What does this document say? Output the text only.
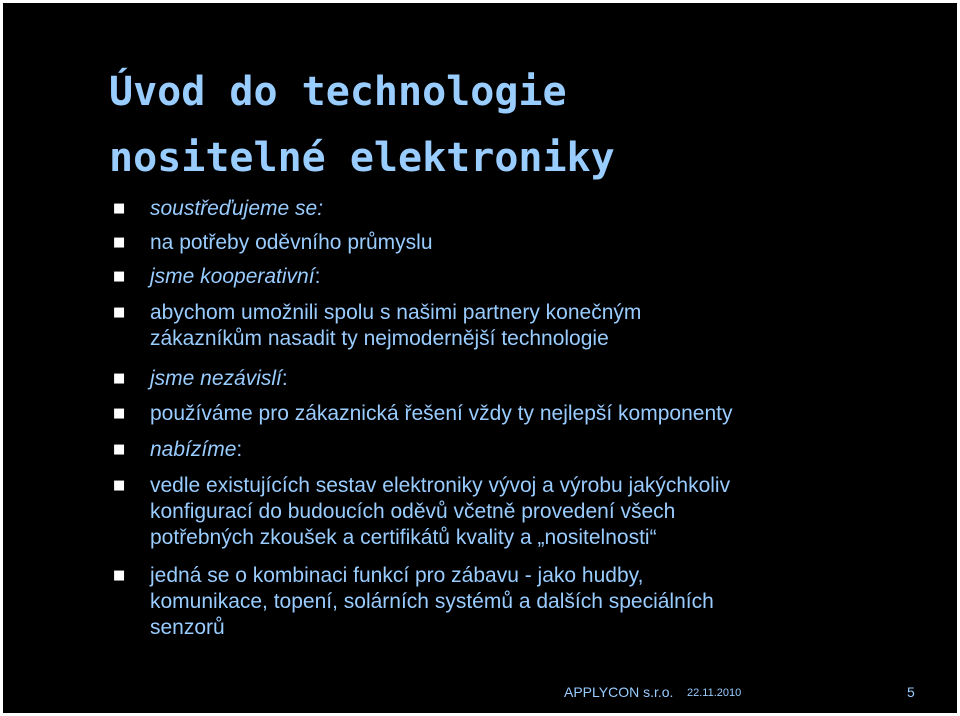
Úvod do technologie
nositelné elektroniky
■ soustřeďujeme se:
■ na potřeby oděvního průmyslu
■ jsme kooperativní:
■ abychom umožnili spolu s našimi partnery konečným
zákazníkům nasadit ty nejmodernější technologie
■ jsme nezávislí:
■ používáme pro zákaznická řešení vždy ty nejlepší komponenty
■ nabízíme:
■ vedle existujících sestav elektroniky vývoj a výrobu jakýchkoliv
konfigurací do budoucích oděvů včetně provedení všech
potřebných zkoušek a certifikátů kvality a „nositelnosti“
■ jedná se o kombinaci funkcí pro zábavu - jako hudby,
komunikace, topení, solárních systémů a dalších speciálních
senzorů
APPLYCON s.r.o. 22.11.2010	5
